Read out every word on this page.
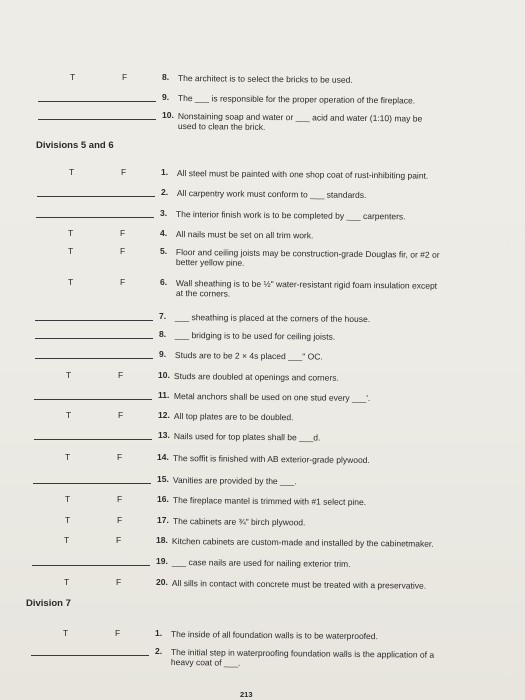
T	F	8. The architect is to select the bricks to be used.
9. The ___ is responsible for the proper operation of the fireplace.
10. Nonstaining soap and water or ___ acid and water (1:10) may be
used to clean the brick.
Divisions 5 and 6
T	F	1. All steel must be painted with one shop coat of rust-inhibiting paint.
2. All carpentry work must conform to ___ standards.
3. The interior finish work is to be completed by ___ carpenters.
T	F	4. All nails must be set on all trim work.
T	F	5. Floor and ceiling joists may be construction-grade Douglas fir, or #2 or
better yellow pine.
T	F	6. Wall sheathing is to be ½" water-resistant rigid foam insulation except
at the corners.
7. ___ sheathing is placed at the corners of the house.
8. ___ bridging is to be used for ceiling joists.
9. Studs are to be 2 × 4s placed ___" OC.
T	F	10. Studs are doubled at openings and corners.
11. Metal anchors shall be used on one stud every ___'.
T	F	12. All top plates are to be doubled.
13. Nails used for top plates shall be ___d.
T	F	14. The soffit is finished with AB exterior-grade plywood.
15. Vanities are provided by the ___.
T	F	16. The fireplace mantel is trimmed with #1 select pine.
T	F	17. The cabinets are ¾" birch plywood.
T	F	18. Kitchen cabinets are custom-made and installed by the cabinetmaker.
19. ___ case nails are used for nailing exterior trim.
T	F	20. All sills in contact with concrete must be treated with a preservative.
Division 7
T	F	1. The inside of all foundation walls is to be waterproofed.
2. The initial step in waterproofing foundation walls is the application of a
heavy coat of ___.
213
